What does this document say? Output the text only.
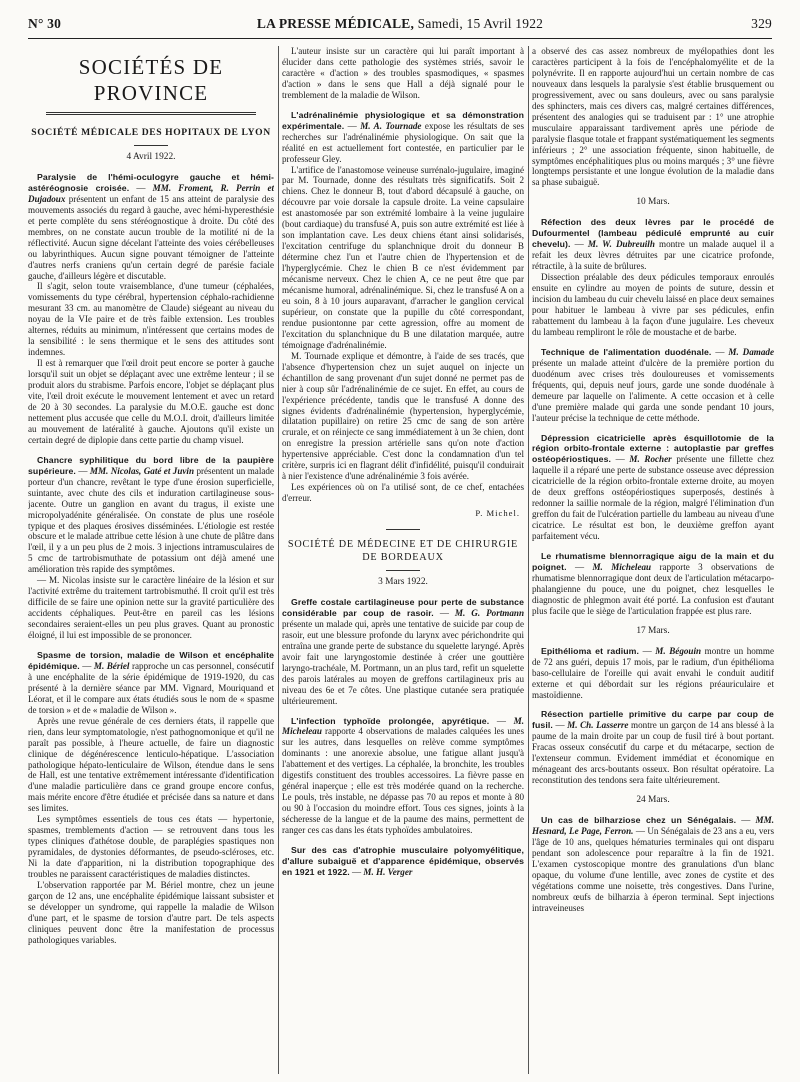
N° 30	LA PRESSE MÉDICALE, Samedi, 15 Avril 1922	329
SOCIÉTÉS DE PROVINCE
SOCIÉTÉ MÉDICALE DES HOPITAUX DE LYON
4 Avril 1922.

Paralysie de l'hémi-oculogyre gauche et hémi-astéréognosie croisée. — MM. Froment, R. Perrin et Dujadoux présentent un enfant de 15 ans atteint de paralysie des mouvements associés du regard à gauche, avec hémi-hyperesthésie et perte complète du sens stéréognostique à droite. Du côté des membres, on ne constate aucun trouble de la motilité ni de la réflectivité. Aucun signe décelant l'atteinte des voies cérébelleuses ou labyrinthiques. Aucun signe pouvant témoigner de l'atteinte d'autres nerfs craniens qu'un certain degré de parésie faciale gauche, d'ailleurs légère et discutable.

Il s'agit, selon toute vraisemblance, d'une tumeur (céphalées, vomissements du type cérébral, hypertension céphalo-rachidienne mesurant 33 cm. au manomètre de Claude) siégeant au niveau du noyau de la VIe paire et de très faible extension. Les troubles alternes, réduits au minimum, n'intéressent que certains modes de la sensibilité : le sens thermique et le sens des attitudes sont indemnes.

Il est à remarquer que l'œil droit peut encore se porter à gauche lorsqu'il suit un objet se déplaçant avec une extrême lenteur ; il se produit alors du strabisme. Parfois encore, l'objet se déplaçant plus vite, l'œil droit exécute le mouvement lentement et avec un retard de 20 à 30 secondes. La paralysie du M.O.E. gauche est donc nettement plus accusée que celle du M.O.I. droit, d'ailleurs limitée au mouvement de latéralité à gauche. Ajoutons qu'il existe un certain degré de diplopie dans cette partie du champ visuel.

Chancre syphilitique du bord libre de la paupière supérieure. — MM. Nicolas, Gaté et Juvin présentent un malade porteur d'un chancre, revêtant le type d'une érosion superficielle, suintante, avec chute des cils et induration cartilagineuse sous-jacente. Outre un ganglion en avant du tragus, il existe une micropolyadénite généralisée. On constate de plus une roséole typique et des plaques érosives disséminées. L'étiologie est restée obscure et le malade attribue cette lésion à une chute de plâtre dans l'œil, il y a un peu plus de 2 mois. 3 injections intramusculaires de 5 cmc de tartrobismuthate de potassium ont déjà amené une amélioration très rapide des symptômes.

— M. Nicolas insiste sur le caractère linéaire de la lésion et sur l'activité extrême du traitement tartrobismuthé. Il croit qu'il est très difficile de se faire une opinion nette sur la gravité particulière des accidents céphaliques. Peut-être en pareil cas les lésions secondaires seraient-elles un peu plus graves. Quant au pronostic éloigné, il lui est impossible de se prononcer.

Spasme de torsion, maladie de Wilson et encéphalite épidémique. — M. Bériel rapproche un cas personnel, consécutif à une encéphalite de la série épidémique de 1919-1920, du cas présenté à la dernière séance par MM. Vignard, Mouriquand et Léorat, et il le compare aux états étudiés sous le nom de « spasme de torsion » et de « maladie de Wilson ».

Après une revue générale de ces derniers états, il rappelle que rien, dans leur symptomatologie, n'est pathognomonique et qu'il ne paraît pas possible, à l'heure actuelle, de faire un diagnostic clinique de dégénérescence lenticulo-hépatique. L'association pathologique hépato-lenticulaire de Wilson, étendue dans le sens de Hall, est une tentative extrêmement intéressante d'identification d'une maladie particulière dans ce grand groupe encore confus, mais mérite encore d'être étudiée et précisée dans sa nature et dans ses limites.

Les symptômes essentiels de tous ces états — hypertonie, spasmes, tremblements d'action — se retrouvent dans tous les types cliniques d'athétose double, de paraplégies spastiques non pyramidales, de dystonies déformantes, de pseudo-scléroses, etc. Ni la date d'apparition, ni la distribution topographique des troubles ne paraissent caractéristiques de maladies distinctes.

L'observation rapportée par M. Bériel montre, chez un jeune garçon de 12 ans, une encéphalite épidémique laissant subsister et se développer un syndrome, qui rappelle la maladie de Wilson d'une part, et le spasme de torsion d'autre part. De tels aspects cliniques peuvent donc être la manifestation de processus pathologiques variables.

L'auteur insiste sur un caractère qui lui paraît important à élucider dans cette pathologie des systèmes striés, savoir le caractère « d'action » des troubles spasmodiques, « spasmes d'action » dans le sens que Hall a déjà signalé pour le tremblement de la maladie de Wilson.

L'adrénalinémie physiologique et sa démonstration expérimentale. — M. A. Tournade expose les résultats de ses recherches sur l'adrénalinémie physiologique. On sait que la réalité en est actuellement fort contestée, en particulier par le professeur Gley.

L'artifice de l'anastomose veineuse surrénalo-jugulaire, imaginé par M. Tournade, donne des résultats très significatifs. Soit 2 chiens. Chez le donneur B, tout d'abord décapsulé à gauche, on découvre par voie dorsale la capsule droite. La veine capsulaire est anastomosée par son extrémité lombaire à la veine jugulaire (bout cardiaque) du transfusé A, puis son autre extrémité est liée à son implantation cave. Les deux chiens étant ainsi solidarisés, l'excitation centrifuge du splanchnique droit du donneur B détermine chez l'un et l'autre chien de l'hypertension et de l'hyperglycémie. Chez le chien B ce n'est évidemment par mécanisme nerveux. Chez le chien A, ce ne peut être que par mécanisme humoral, adrénalinémique. Si, chez le transfusé A on a eu soin, 8 à 10 jours auparavant, d'arracher le ganglion cervical supérieur, on constate que la pupille du côté correspondant, rendue pusiontonne par cette agression, offre au moment de l'excitation du splanchnique du B une dilatation marquée, autre témoignage d'adrénalinémie.

M. Tournade explique et démontre, à l'aide de ses tracés, que l'absence d'hypertension chez un sujet auquel on injecte un échantillon de sang provenant d'un sujet donné ne permet pas de nier à coup sûr l'adrénalinémie de ce sujet. En effet, au cours de l'expérience précédente, tandis que le transfusé A donne des signes évidents d'adrénalinémie (hypertension, hyperglycémie, dilatation pupillaire) on retire 25 cmc de sang de son artère crurale, et on réinjecte ce sang immédiatement à un 3e chien, dont on enregistre la pression artérielle sans qu'on note d'action hypertensive appréciable. C'est donc la condamnation d'un tel critère, surpris ici en flagrant délit d'infidélité, puisqu'il conduirait à nier l'existence d'une adrénalinémie 3 fois avérée.

Les expériences où on l'a utilisé sont, de ce chef, entachées d'erreur.

P. Michel.

SOCIÉTÉ DE MÉDECINE ET DE CHIRURGIE DE BORDEAUX
3 Mars 1922.

Greffe costale cartilagineuse pour perte de substance considérable par coup de rasoir. — M. G. Portmann présente un malade qui, après une tentative de suicide par coup de rasoir, eut une blessure profonde du larynx avec périchondrite qui entraîna une grande perte de substance du squelette laryngé. Après avoir fait une laryngostomie destinée à créer une gouttière laryngo-trachéale, M. Portmann, un an plus tard, refit un squelette des parois latérales au moyen de greffons cartilagineux pris au niveau des 6e et 7e côtes. Une plastique cutanée sera pratiquée ultérieurement.

L'infection typhoïde prolongée, apyrétique. — M. Micheleau rapporte 4 observations de malades calquées les unes sur les autres, dans lesquelles on relève comme symptômes dominants : une anorexie absolue, une fatigue allant jusqu'à l'abattement et des vertiges. La céphalée, la bronchite, les troubles digestifs constituent des troubles accessoires. La fièvre passe en général inaperçue ; elle est très modérée quand on la recherche. Le pouls, très instable, ne dépasse pas 70 au repos et monte à 80 ou 90 à l'occasion du moindre effort. Tous ces signes, joints à la sécheresse de la langue et de la paume des mains, permettent de ranger ces cas dans les états typhoïdes ambulatoires.

Sur des cas d'atrophie musculaire polyomyélitique, d'allure subaiguë et d'apparence épidémique, observés en 1921 et 1922. — M. H. Verger

a observé des cas assez nombreux de myélopathies dont les caractères participent à la fois de l'encéphalomyélite et de la polynévrite. Il en rapporte aujourd'hui un certain nombre de cas nouveaux dans lesquels la paralysie s'est établie brusquement ou progressivement, avec ou sans douleurs, avec ou sans paralysie des sphincters, mais ces divers cas, malgré certaines différences, présentent des analogies qui se traduisent par : 1° une atrophie musculaire apparaissant tardivement après une période de paralysie flasque totale et frappant systématiquement les segments inférieurs ; 2° une association fréquente, sinon habituelle, de symptômes encéphalitiques plus ou moins marqués ; 3° une fièvre longtemps persistante et une longue évolution de la maladie dans sa phase subaiguë.

10 Mars.

Réfection des deux lèvres par le procédé de Dufourmentel (lambeau pédiculé emprunté au cuir chevelu). — M. W. Dubreuilh montre un malade auquel il a refait les deux lèvres détruites par une cicatrice profonde, rétractile, à la suite de brûlures.

Dissection préalable des deux pédicules temporaux enroulés ensuite en cylindre au moyen de points de suture, dessin et incision du lambeau du cuir chevelu laissé en place deux semaines pour habituer le lambeau à vivre par ses pédicules, enfin rabattement du lambeau à la façon d'une jugulaire. Les cheveux du lambeau rempliront le rôle de moustache et de barbe.

Technique de l'alimentation duodénale. — M. Damade présente un malade atteint d'ulcère de la première portion du duodénum avec crises très douloureuses et vomissements fréquents, qui, depuis neuf jours, garde une sonde duodénale à demeure par laquelle on l'alimente. A cette occasion et à celle d'une première malade qui garda une sonde pendant 10 jours, l'auteur précise la technique de cette méthode.

Dépression cicatricielle après ésquillotomie de la région orbito-frontale externe : autoplastie par greffes ostéopériostiques. — M. Rocher présente une fillette chez laquelle il a réparé une perte de substance osseuse avec dépression cicatricielle de la région orbito-frontale externe droite, au moyen de deux greffons ostéopériostiques superposés, destinés à redonner la saillie normale de la région, malgré l'élimination d'un greffon du fait de l'ulcération partielle du lambeau au niveau d'une cicatrice. Le résultat est bon, le deuxième greffon ayant parfaitement vécu.

Le rhumatisme blennorragique aigu de la main et du poignet. — M. Micheleau rapporte 3 observations de rhumatisme blennorragique dont deux de l'articulation métacarpo-phalangienne du pouce, une du poignet, chez lesquelles le diagnostic de phlegmon avait été porté. La confusion est d'autant plus facile que le siège de l'articulation frappée est plus rare.

17 Mars.

Epithélioma et radium. — M. Bégouin montre un homme de 72 ans guéri, depuis 17 mois, par le radium, d'un épithélioma baso-cellulaire de l'oreille qui avait envahi le conduit auditif externe et qui débordait sur les régions préauriculaire et mastoïdienne.

Résection partielle primitive du carpe par coup de fusil. — M. Ch. Lasserre montre un garçon de 14 ans blessé à la paume de la main droite par un coup de fusil tiré à bout portant. Fracas osseux consécutif du carpe et du métacarpe, section de l'extenseur commun. Evidement immédiat et économique en ménageant des arcs-boutants osseux. Bon résultat opératoire. La reconstitution des tendons sera faite ultérieurement.

24 Mars.

Un cas de bilharziose chez un Sénégalais. — MM. Hesnard, Le Page, Ferron. — Un Sénégalais de 23 ans a eu, vers l'âge de 10 ans, quelques hématuries terminales qui ont disparu pendant son adolescence pour reparaître à la fin de 1921. L'examen cystoscopique montre des granulations d'un blanc opaque, du volume d'une lentille, avec zones de cystite et des végétations comme une noisette, très congestives. Dans l'urine, nombreux œufs de bilharzia à éperon terminal. Sept injections intraveineuses
